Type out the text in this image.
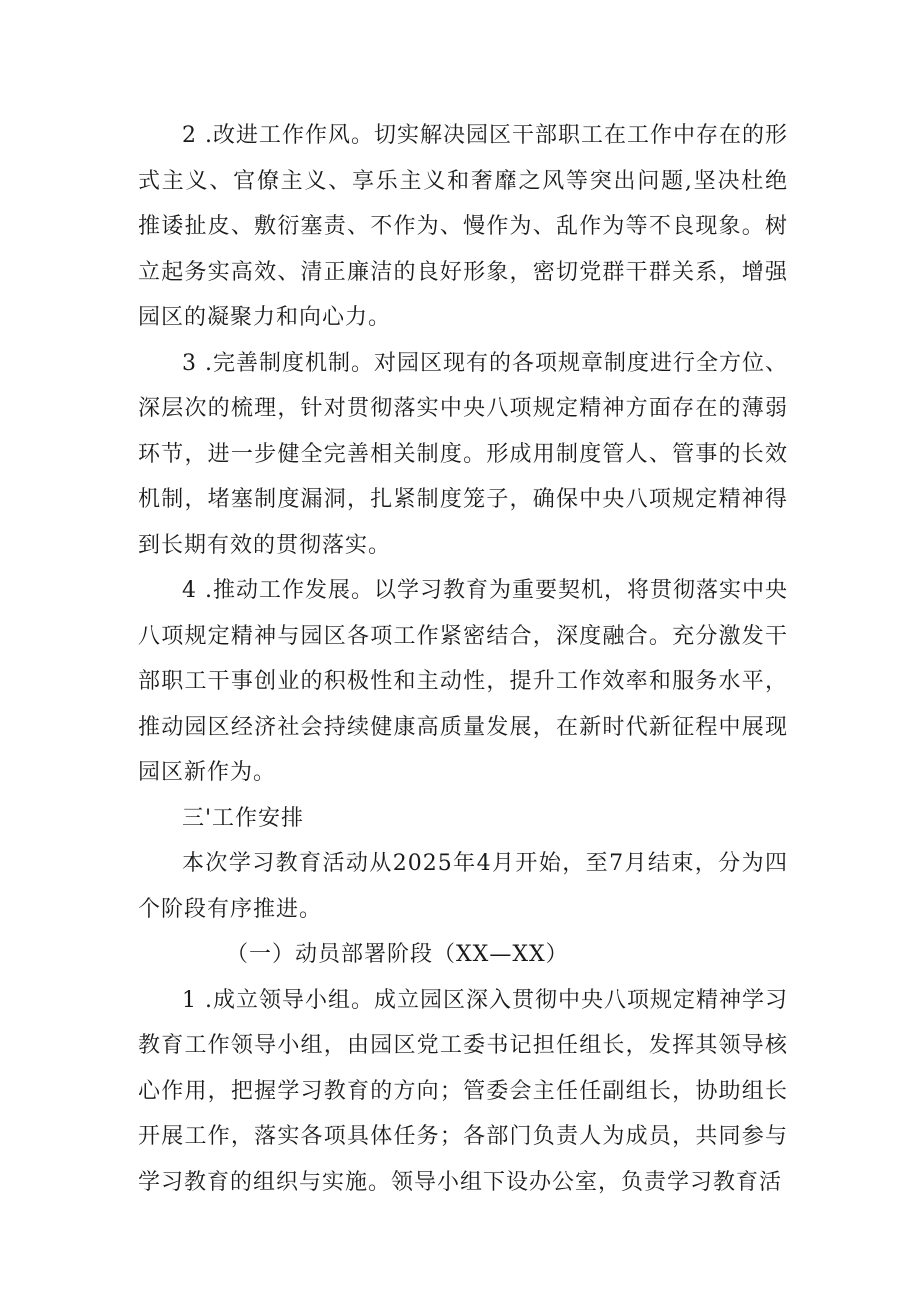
2 .改进工作作风。切实解决园区干部职工在工作中存在的形式主义、官僚主义、享乐主义和奢靡之风等突出问题,坚决杜绝推诿扯皮、敷衍塞责、不作为、慢作为、乱作为等不良现象。树立起务实高效、清正廉洁的良好形象，密切党群干群关系，增强园区的凝聚力和向心力。

3 .完善制度机制。对园区现有的各项规章制度进行全方位、深层次的梳理，针对贯彻落实中央八项规定精神方面存在的薄弱环节，进一步健全完善相关制度。形成用制度管人、管事的长效机制，堵塞制度漏洞，扎紧制度笼子，确保中央八项规定精神得到长期有效的贯彻落实。

4 .推动工作发展。以学习教育为重要契机，将贯彻落实中央八项规定精神与园区各项工作紧密结合，深度融合。充分激发干部职工干事创业的积极性和主动性，提升工作效率和服务水平，推动园区经济社会持续健康高质量发展，在新时代新征程中展现园区新作为。

三'工作安排

本次学习教育活动从2025年4月开始，至7月结束，分为四个阶段有序推进。

（一）动员部署阶段（XX—XX）

1 .成立领导小组。成立园区深入贯彻中央八项规定精神学习教育工作领导小组，由园区党工委书记担任组长，发挥其领导核心作用，把握学习教育的方向；管委会主任任副组长，协助组长开展工作，落实各项具体任务；各部门负责人为成员，共同参与学习教育的组织与实施。领导小组下设办公室，负责学习教育活
